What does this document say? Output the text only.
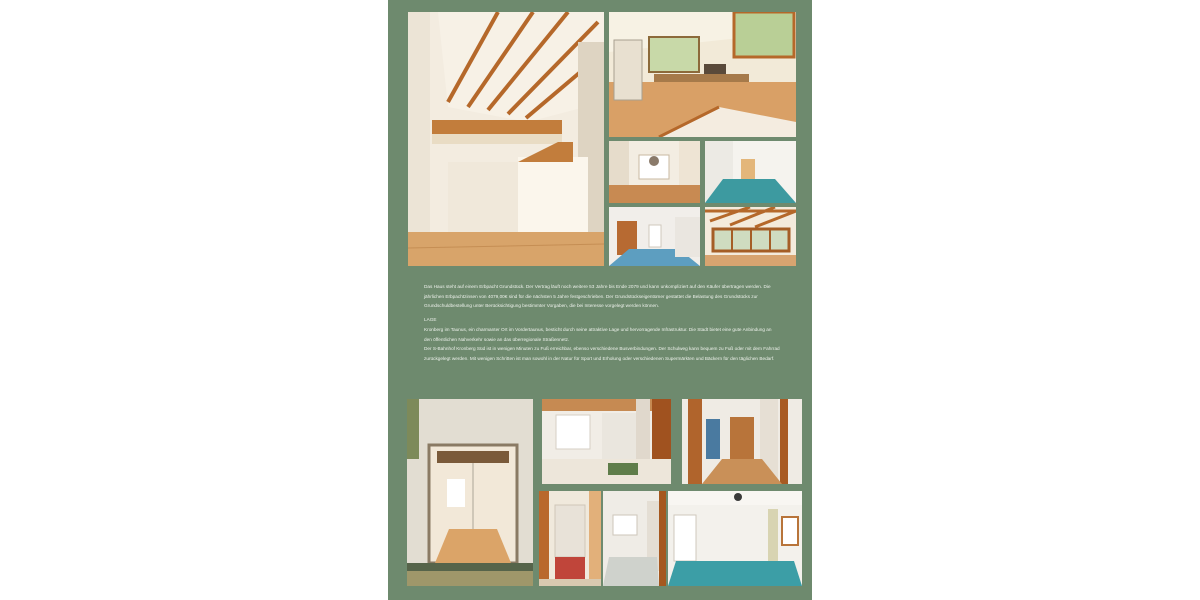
Das Haus steht auf einem Erbpacht Grundstück. Der Vertrag läuft noch weitere 53 Jahre bis Ende 2079 und kann unkompliziert auf den Käufer übertragen werden. Die jährlichen Erbpachtzinsen von 4079,00€ sind für die nächsten 5 Jahre festgeschrieben. Der Grundstückseigentümer gestattet die Belastung des Grundstücks zur Grundschuldbestellung unter Berücksichtigung bestimmter Vorgaben, die bei Interesse vorgelegt werden können.

LAGE

Kronberg im Taunus, ein charmanter Ort im Vordertaunus, besticht durch seine attraktive Lage und hervorragende Infrastruktur. Die Stadt bietet eine gute Anbindung an den öffentlichen Nahverkehr sowie an das überregionale Straßennetz.

Der S-Bahnhof Kronberg Süd ist in wenigen Minuten zu Fuß erreichbar, ebenso verschiedene Busverbindungen. Der Schulweg kann bequem zu Fuß oder mit dem Fahrrad zurückgelegt werden. Mit wenigen Schritten ist man sowohl in der Natur für Sport und Erholung oder verschiedenen Supermärkten und Bäckern für den täglichen Bedarf.
